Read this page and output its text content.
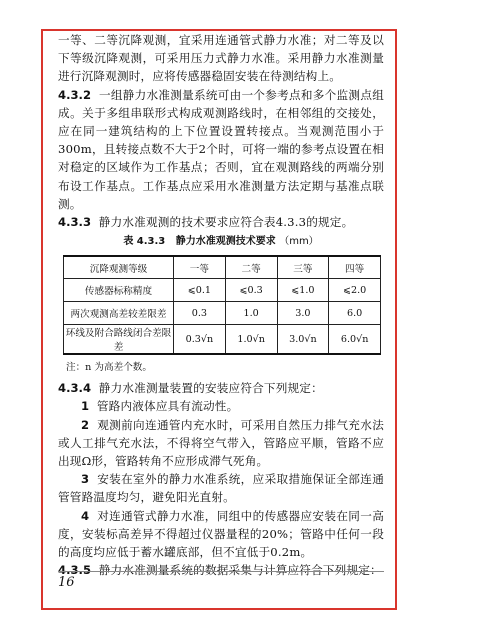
一等、二等沉降观测，宜采用连通管式静力水准；对二等及以下等级沉降观测，可采用压力式静力水准。采用静力水准测量进行沉降观测时，应将传感器稳固安装在待测结构上。

4.3.2 一组静力水准测量系统可由一个参考点和多个监测点组成。关于多组串联形式构成观测路线时，在相邻组的交接处，应在同一建筑结构的上下位置设置转接点。当观测范围小于300m，且转接点数不大于2个时，可将一端的参考点设置在相对稳定的区域作为工作基点；否则，宜在观测路线的两端分别布设工作基点。工作基点应采用水准测量方法定期与基准点联测。

4.3.3 静力水准观测的技术要求应符合表4.3.3的规定。

表 4.3.3 静力水准观测技术要求 （mm）
沉降观测等级	一等	二等	三等	四等
传感器标称精度	⩽0.1	⩽0.3	⩽1.0	⩽2.0
两次观测高差较差限差	0.3	1.0	3.0	6.0
环线及附合路线闭合差限差	0.3√n	1.0√n	3.0√n	6.0√n
注：n 为高差个数。

4.3.4 静力水准测量装置的安装应符合下列规定：

1 管路内液体应具有流动性。

2 观测前向连通管内充水时，可采用自然压力排气充水法或人工排气充水法，不得将空气带入，管路应平顺，管路不应出现Ω形，管路转角不应形成滞气死角。

3 安装在室外的静力水准系统，应采取措施保证全部连通管管路温度均匀，避免阳光直射。

4 对连通管式静力水准，同组中的传感器应安装在同一高度，安装标高差异不得超过仪器量程的20%；管路中任何一段的高度均应低于蓄水罐底部，但不宜低于0.2m。

4.3.5 静力水准测量系统的数据采集与计算应符合下列规定：

16
